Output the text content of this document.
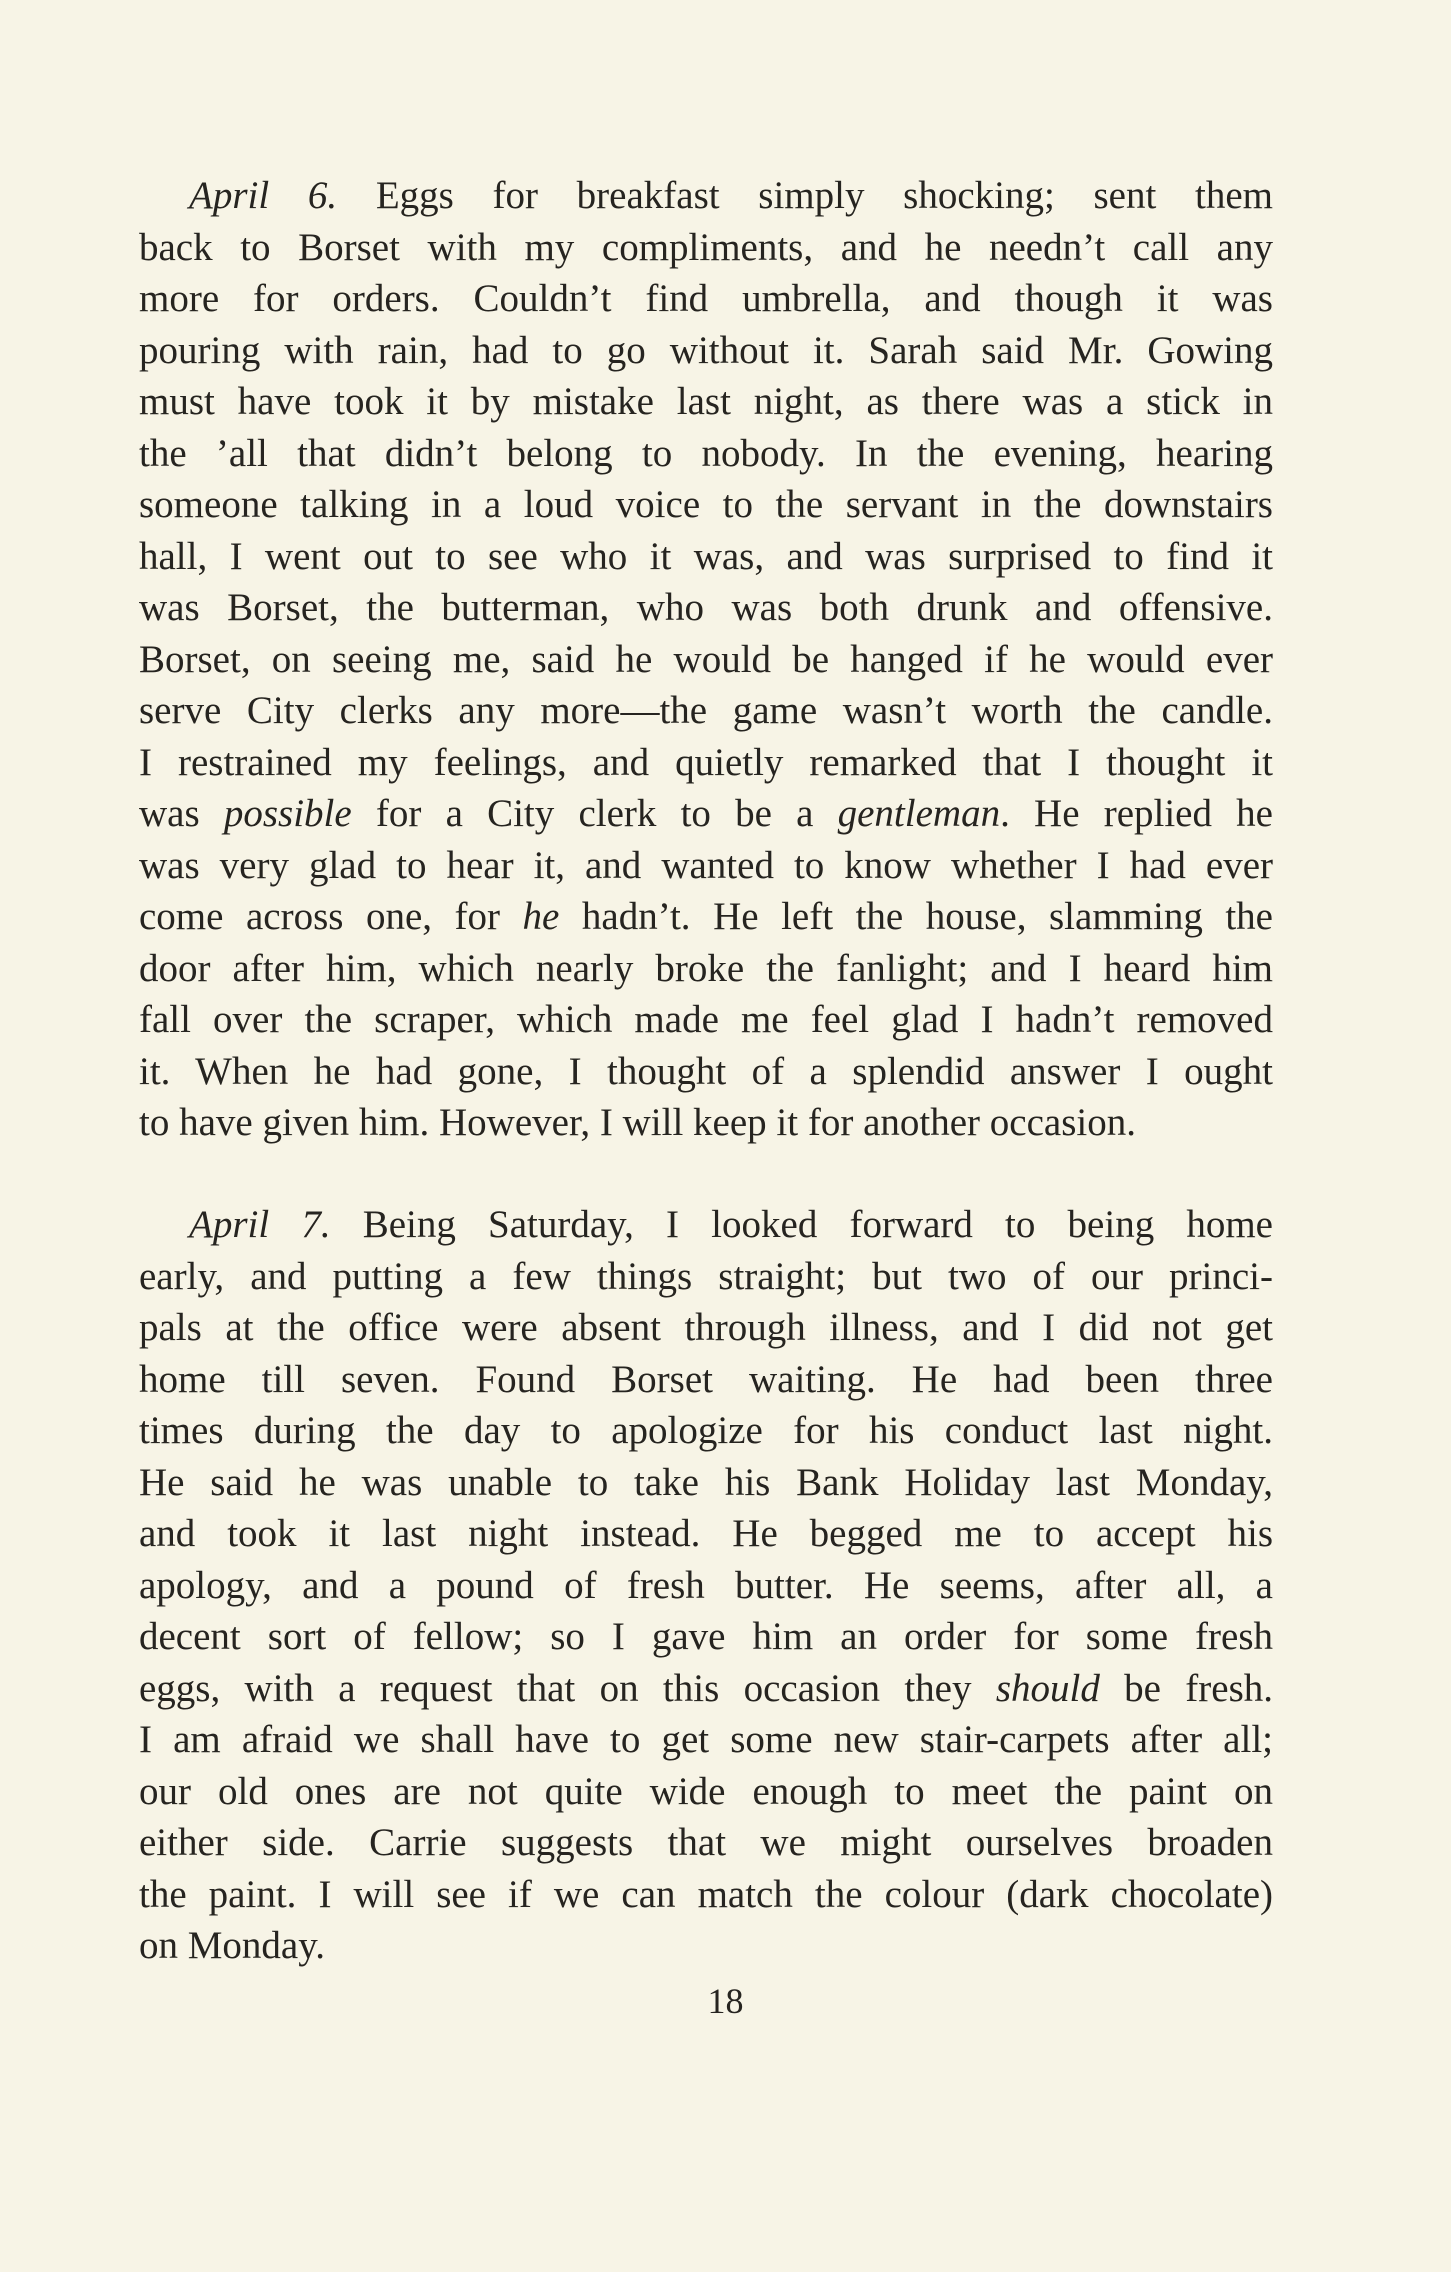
April 6. Eggs for breakfast simply shocking; sent them
back to Borset with my compliments, and he needn’t call any
more for orders. Couldn’t find umbrella, and though it was
pouring with rain, had to go without it. Sarah said Mr. Gowing
must have took it by mistake last night, as there was a stick in
the ’all that didn’t belong to nobody. In the evening, hearing
someone talking in a loud voice to the servant in the downstairs
hall, I went out to see who it was, and was surprised to find it
was Borset, the butterman, who was both drunk and offensive.
Borset, on seeing me, said he would be hanged if he would ever
serve City clerks any more—the game wasn’t worth the candle.
I restrained my feelings, and quietly remarked that I thought it
was possible for a City clerk to be a gentleman. He replied he
was very glad to hear it, and wanted to know whether I had ever
come across one, for he hadn’t. He left the house, slamming the
door after him, which nearly broke the fanlight; and I heard him
fall over the scraper, which made me feel glad I hadn’t removed
it. When he had gone, I thought of a splendid answer I ought
to have given him. However, I will keep it for another occasion.
April 7. Being Saturday, I looked forward to being home
early, and putting a few things straight; but two of our princi-
pals at the office were absent through illness, and I did not get
home till seven. Found Borset waiting. He had been three
times during the day to apologize for his conduct last night.
He said he was unable to take his Bank Holiday last Monday,
and took it last night instead. He begged me to accept his
apology, and a pound of fresh butter. He seems, after all, a
decent sort of fellow; so I gave him an order for some fresh
eggs, with a request that on this occasion they should be fresh.
I am afraid we shall have to get some new stair-carpets after all;
our old ones are not quite wide enough to meet the paint on
either side. Carrie suggests that we might ourselves broaden
the paint. I will see if we can match the colour (dark chocolate)
on Monday.
18
